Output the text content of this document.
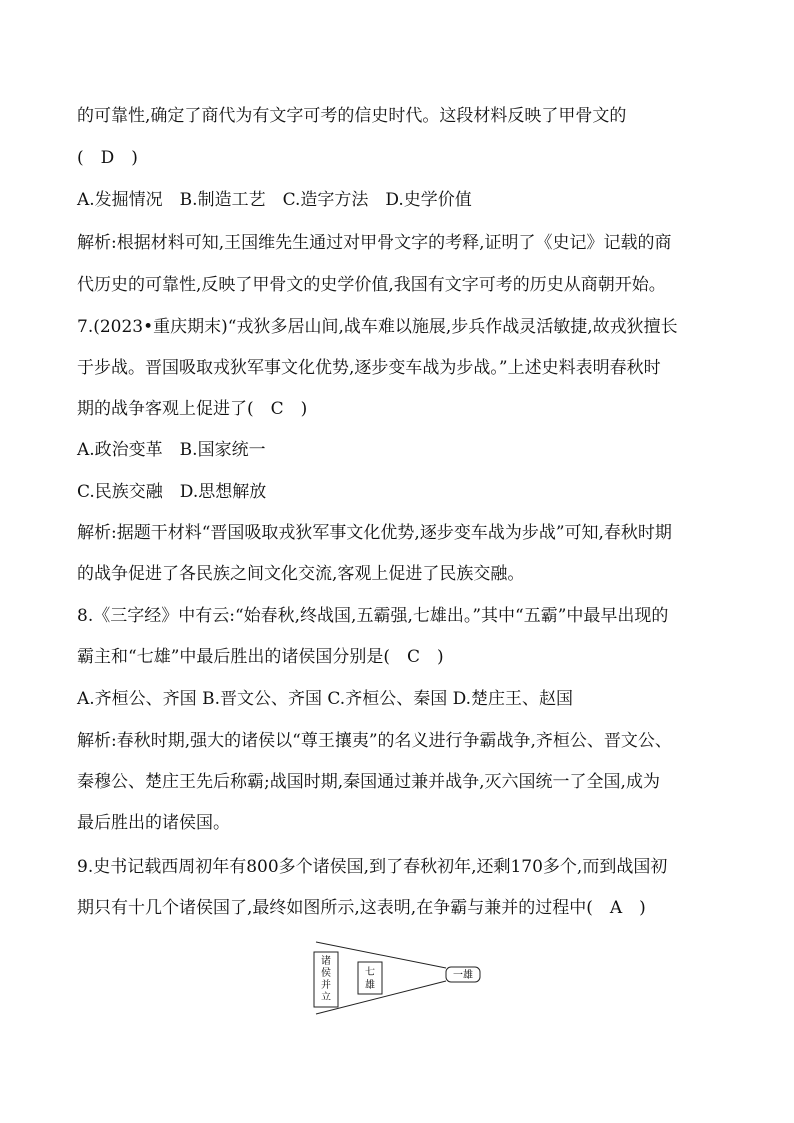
的可靠性,确定了商代为有文字可考的信史时代。这段材料反映了甲骨文的
(　D　)
A.发掘情况　B.制造工艺　C.造字方法　D.史学价值
解析:根据材料可知,王国维先生通过对甲骨文字的考释,证明了《史记》记载的商
代历史的可靠性,反映了甲骨文的史学价值,我国有文字可考的历史从商朝开始。
7.(2023•重庆期末)“戎狄多居山间,战车难以施展,步兵作战灵活敏捷,故戎狄擅长
于步战。晋国吸取戎狄军事文化优势,逐步变车战为步战。”上述史料表明春秋时
期的战争客观上促进了(　C　)
A.政治变革　B.国家统一
C.民族交融　D.思想解放
解析:据题干材料“晋国吸取戎狄军事文化优势,逐步变车战为步战”可知,春秋时期
的战争促进了各民族之间文化交流,客观上促进了民族交融。
8.《三字经》中有云:“始春秋,终战国,五霸强,七雄出。”其中“五霸”中最早出现的
霸主和“七雄”中最后胜出的诸侯国分别是(　C　)
A.齐桓公、齐国 B.晋文公、齐国 C.齐桓公、秦国 D.楚庄王、赵国
解析:春秋时期,强大的诸侯以“尊王攘夷”的名义进行争霸战争,齐桓公、晋文公、
秦穆公、楚庄王先后称霸;战国时期,秦国通过兼并战争,灭六国统一了全国,成为
最后胜出的诸侯国。
9.史书记载西周初年有800多个诸侯国,到了春秋初年,还剩170多个,而到战国初
期只有十几个诸侯国了,最终如图所示,这表明,在争霸与兼并的过程中(　A　)
诸
侯
并
立
七
雄
一雄
